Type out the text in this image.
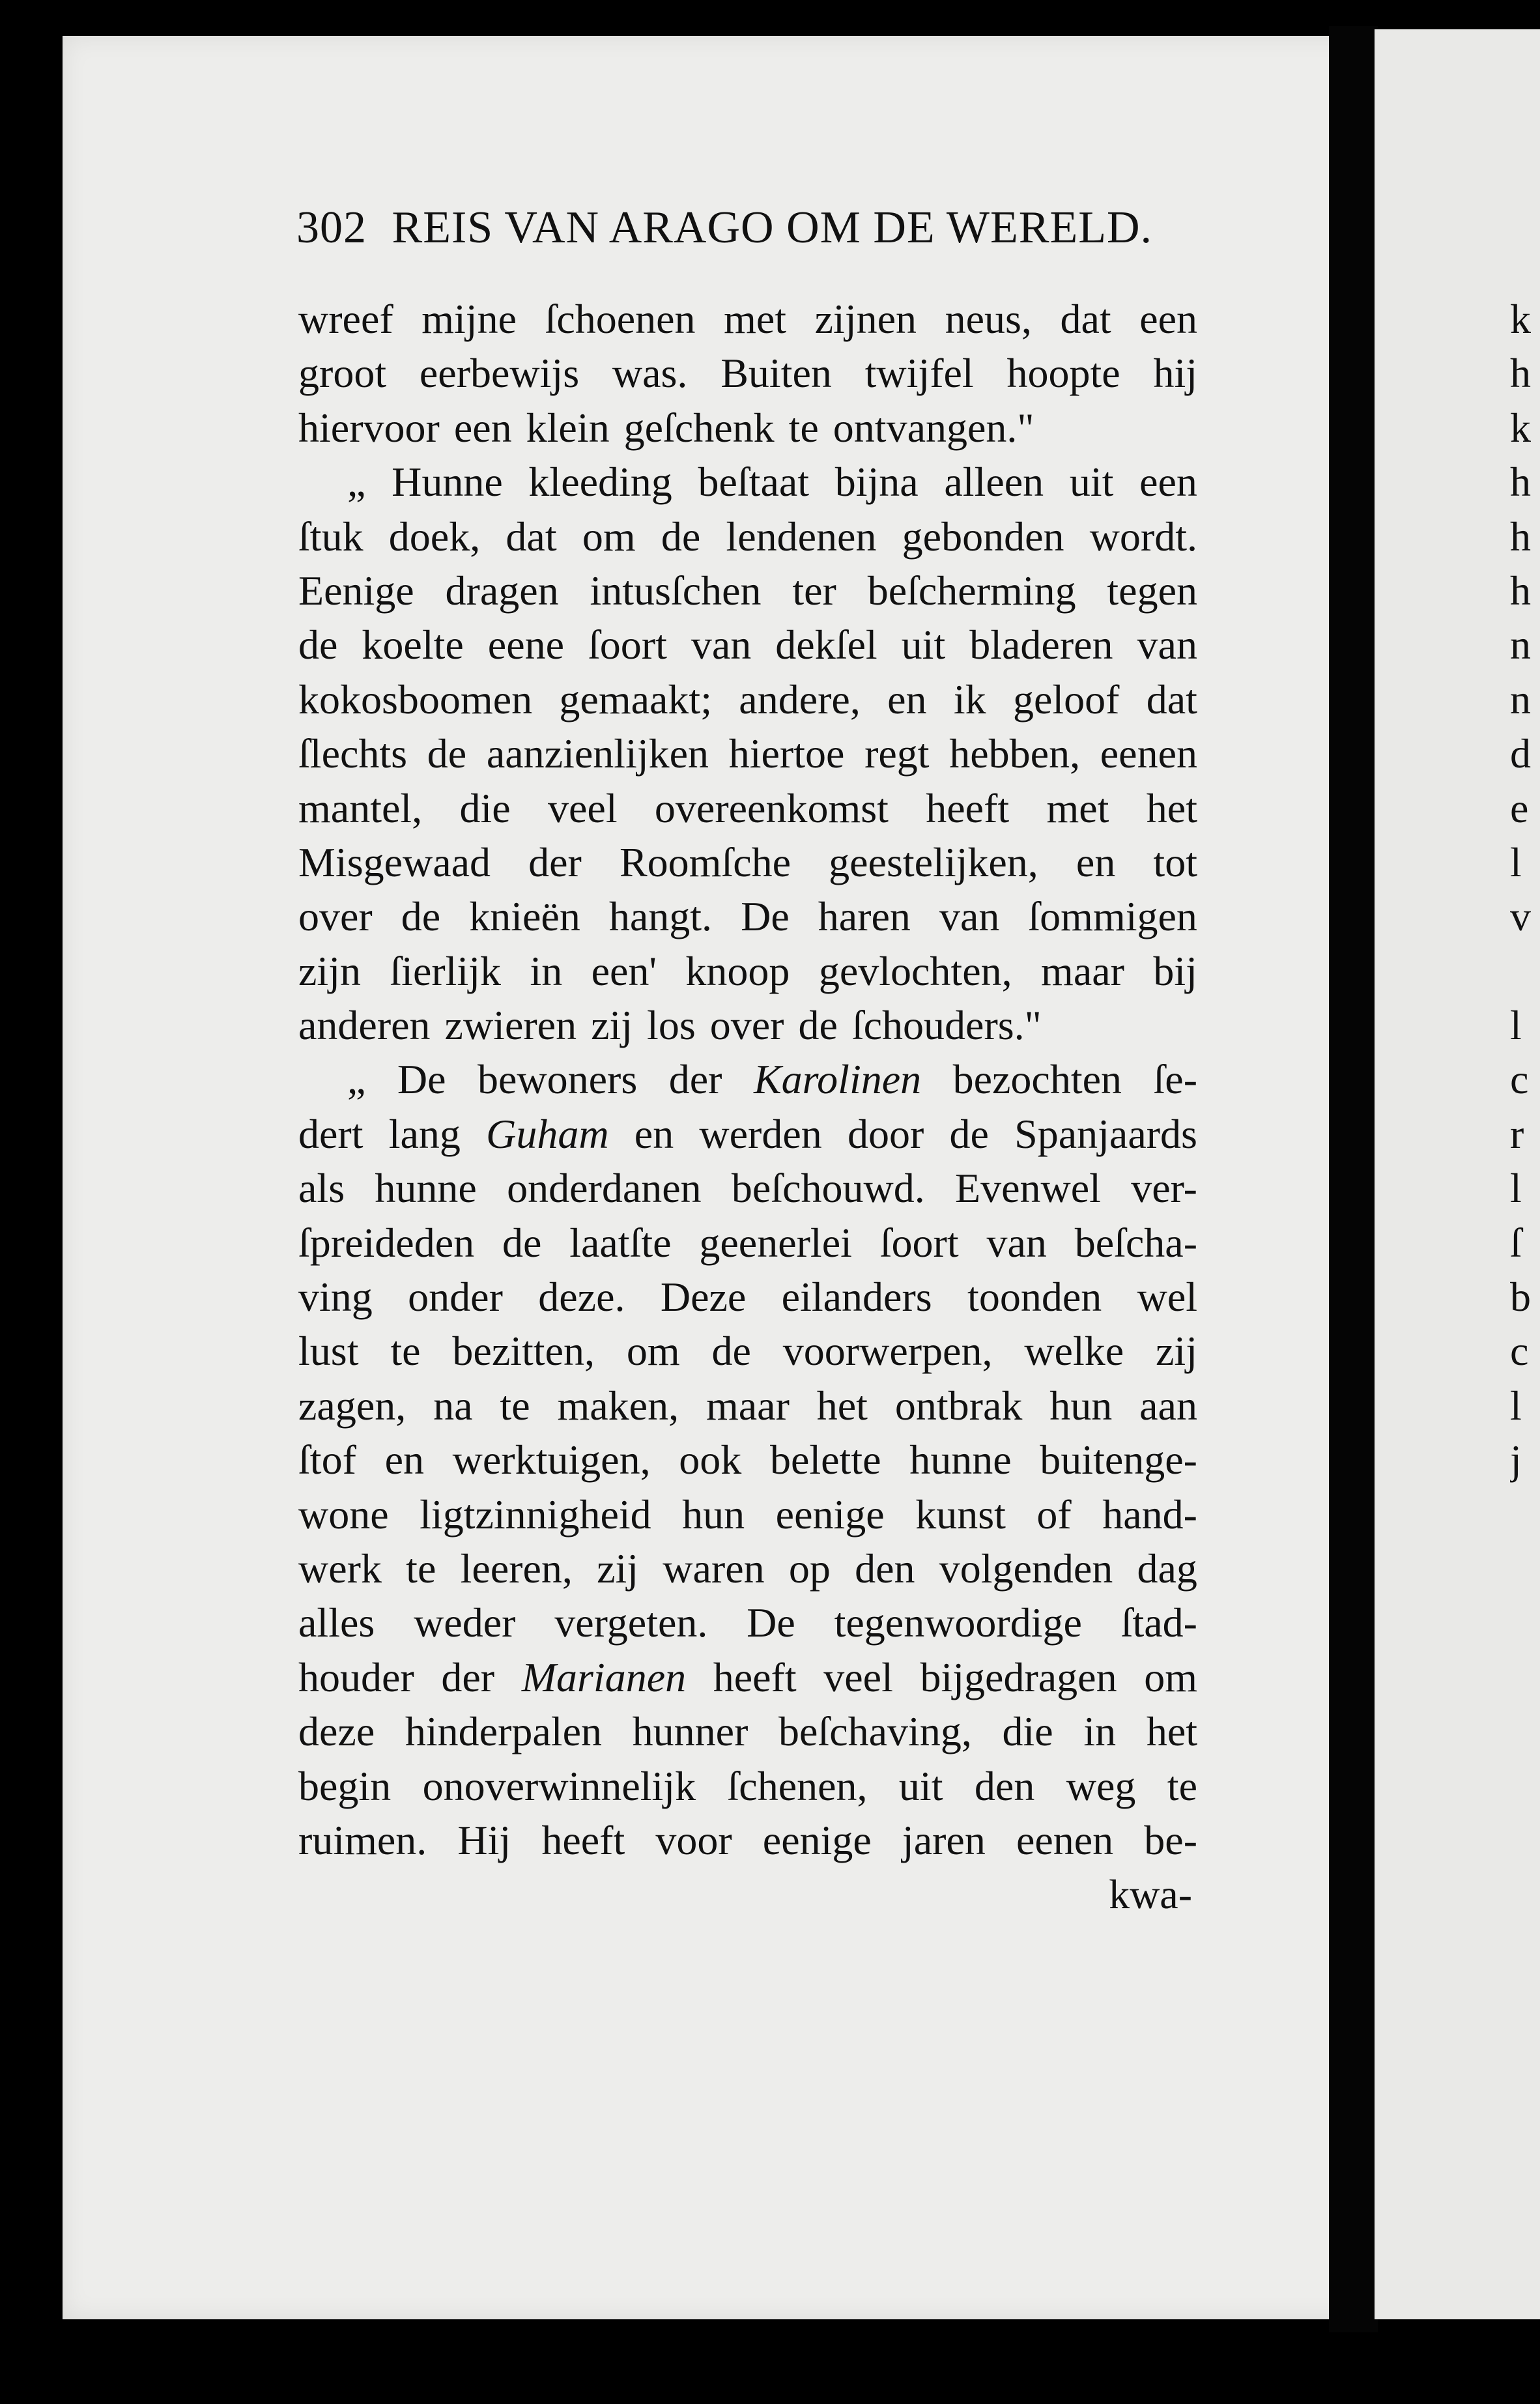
302 REIS VAN ARAGO OM DE WERELD.
wreef mijne ſchoenen met zijnen neus, dat een
groot eerbewijs was. Buiten twijfel hoopte hij
hiervoor een klein geſchenk te ontvangen."
„ Hunne kleeding beſtaat bijna alleen uit een
ſtuk doek, dat om de lendenen gebonden wordt.
Eenige dragen intusſchen ter beſcherming tegen
de koelte eene ſoort van dekſel uit bladeren van
kokosboomen gemaakt; andere, en ik geloof dat
ſlechts de aanzienlijken hiertoe regt hebben, eenen
mantel, die veel overeenkomst heeft met het
Misgewaad der Roomſche geestelijken, en tot
over de knieën hangt. De haren van ſommigen
zijn ſierlijk in een' knoop gevlochten, maar bij
anderen zwieren zij los over de ſchouders."
„ De bewoners der Karolinen bezochten ſe-
dert lang Guham en werden door de Spanjaards
als hunne onderdanen beſchouwd. Evenwel ver-
ſpreideden de laatſte geenerlei ſoort van beſcha-
ving onder deze. Deze eilanders toonden wel
lust te bezitten, om de voorwerpen, welke zij
zagen, na te maken, maar het ontbrak hun aan
ſtof en werktuigen, ook belette hunne buitenge-
wone ligtzinnigheid hun eenige kunst of hand-
werk te leeren, zij waren op den volgenden dag
alles weder vergeten. De tegenwoordige ſtad-
houder der Marianen heeft veel bijgedragen om
deze hinderpalen hunner beſchaving, die in het
begin onoverwinnelijk ſchenen, uit den weg te
ruimen. Hij heeft voor eenige jaren eenen be-
kwa-
k
h
k
h
h
h
n
n
d
e
l
v
l
c
r
l
ſ
b
c
l
j
